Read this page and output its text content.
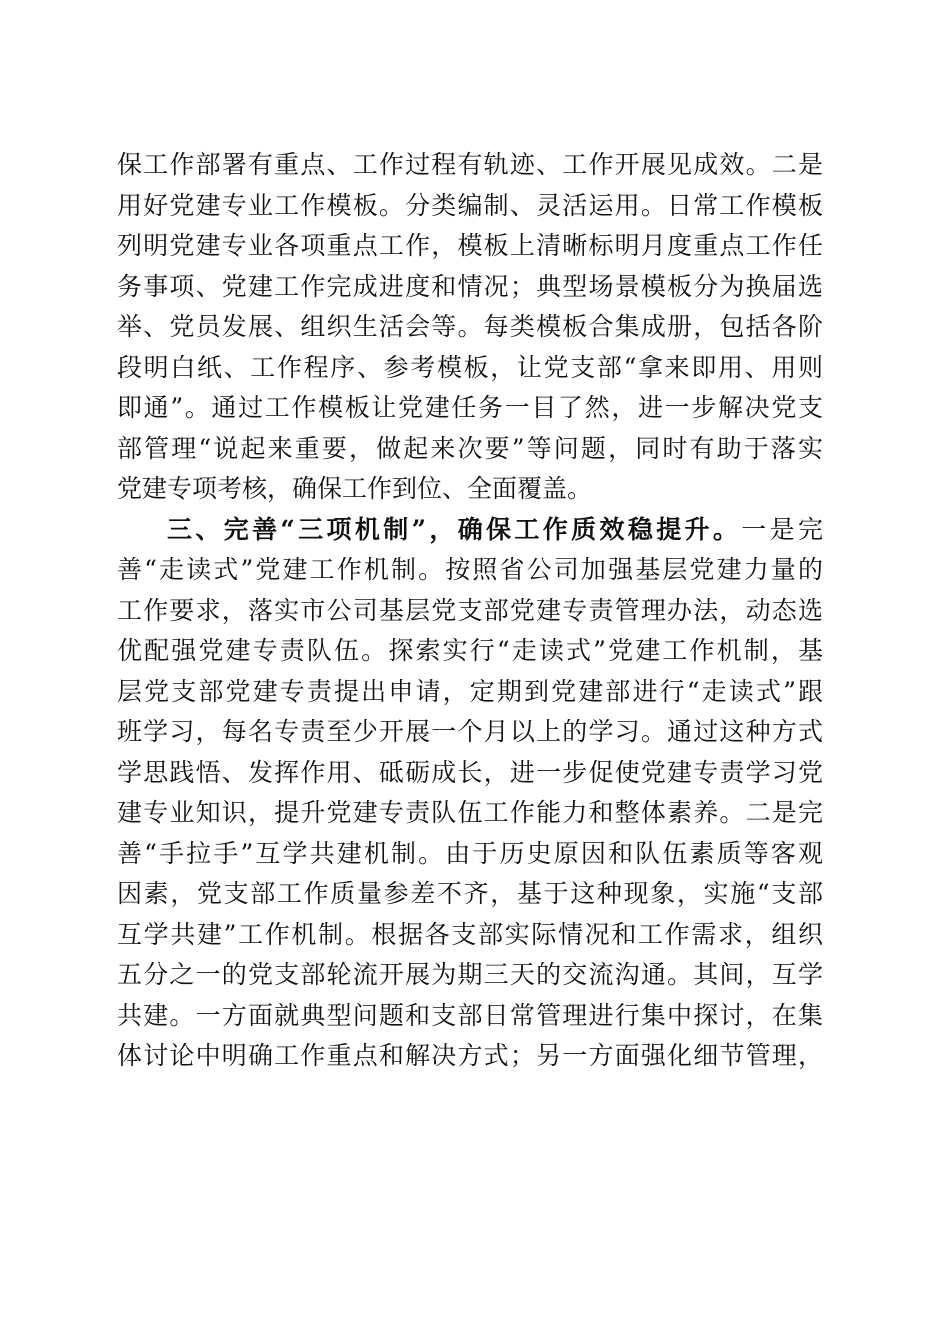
保工作部署有重点、工作过程有轨迹、工作开展见成效。二是
用好党建专业工作模板。分类编制、灵活运用。日常工作模板
列明党建专业各项重点工作，模板上清晰标明月度重点工作任
务事项、党建工作完成进度和情况；典型场景模板分为换届选
举、党员发展、组织生活会等。每类模板合集成册，包括各阶
段明白纸、工作程序、参考模板，让党支部“拿来即用、用则
即通”。通过工作模板让党建任务一目了然，进一步解决党支
部管理“说起来重要，做起来次要”等问题，同时有助于落实
党建专项考核，确保工作到位、全面覆盖。
三、完善“三项机制”，确保工作质效稳提升。一是完
善“走读式”党建工作机制。按照省公司加强基层党建力量的
工作要求，落实市公司基层党支部党建专责管理办法，动态选
优配强党建专责队伍。探索实行“走读式”党建工作机制，基
层党支部党建专责提出申请，定期到党建部进行“走读式”跟
班学习，每名专责至少开展一个月以上的学习。通过这种方式
学思践悟、发挥作用、砥砺成长，进一步促使党建专责学习党
建专业知识，提升党建专责队伍工作能力和整体素养。二是完
善“手拉手”互学共建机制。由于历史原因和队伍素质等客观
因素，党支部工作质量参差不齐，基于这种现象，实施“支部
互学共建”工作机制。根据各支部实际情况和工作需求，组织
五分之一的党支部轮流开展为期三天的交流沟通。其间，互学
共建。一方面就典型问题和支部日常管理进行集中探讨，在集
体讨论中明确工作重点和解决方式；另一方面强化细节管理，
